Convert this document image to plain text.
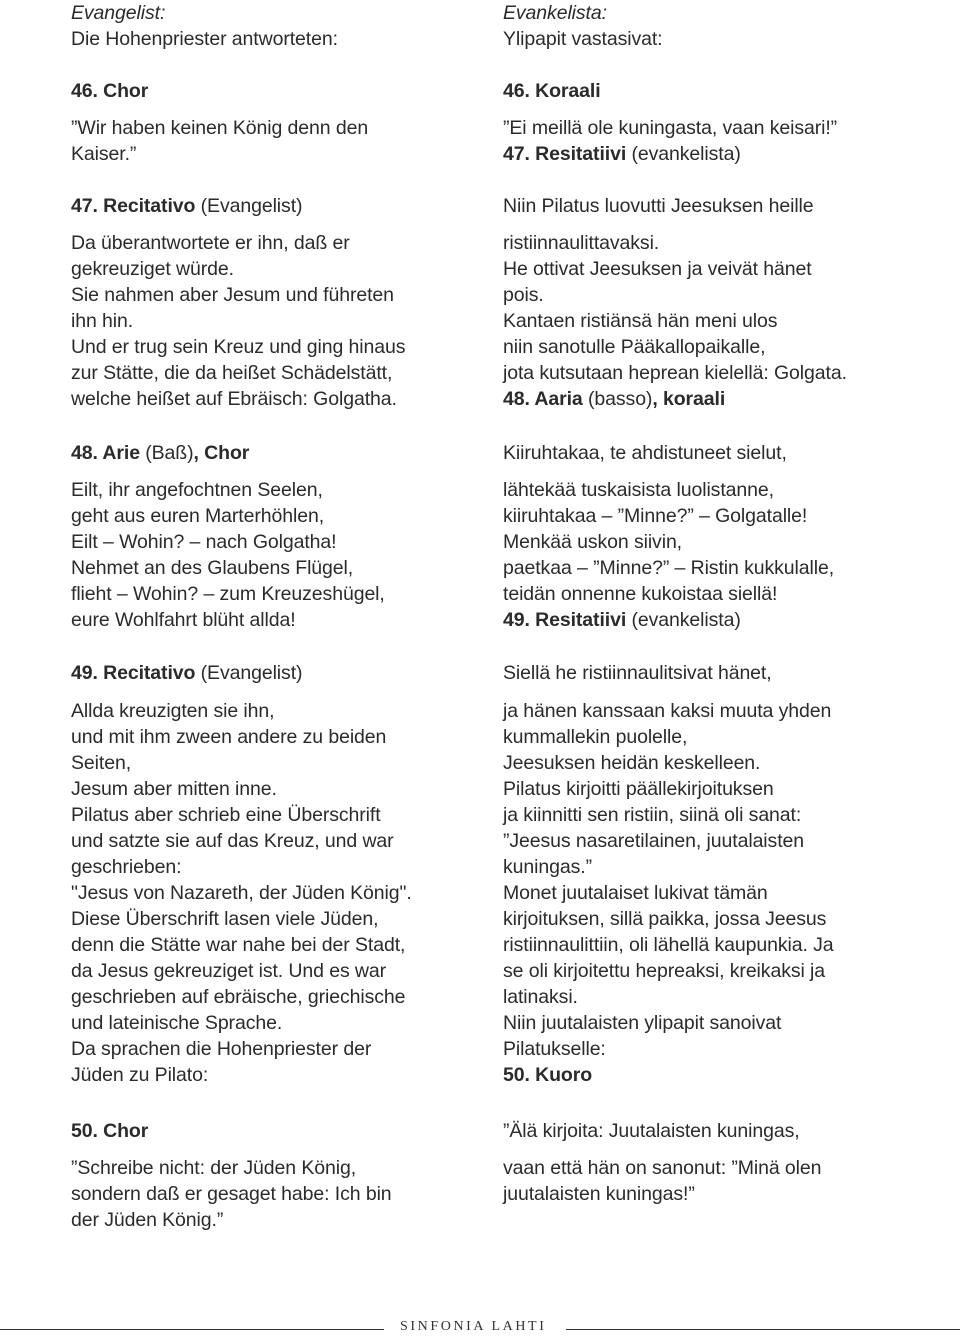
Evangelist:
Die Hohenpriester antworteten:
46. Chor
”Wir haben keinen König denn den
Kaiser.”
47. Recitativo (Evangelist)
Da überantwortete er ihn, daß er
gekreuziget würde.
Sie nahmen aber Jesum und führeten
ihn hin.
Und er trug sein Kreuz und ging hinaus
zur Stätte, die da heißet Schädelstätt,
welche heißet auf Ebräisch: Golgatha.
48. Arie (Baß), Chor
Eilt, ihr angefochtnen Seelen,
geht aus euren Marterhöhlen,
Eilt – Wohin? – nach Golgatha!
Nehmet an des Glaubens Flügel,
flieht – Wohin? – zum Kreuzeshügel,
eure Wohlfahrt blüht allda!
49. Recitativo (Evangelist)
Allda kreuzigten sie ihn,
und mit ihm zween andere zu beiden
Seiten,
Jesum aber mitten inne.
Pilatus aber schrieb eine Überschrift
und satzte sie auf das Kreuz, und war
geschrieben:
"Jesus von Nazareth, der Jüden König".
Diese Überschrift lasen viele Jüden,
denn die Stätte war nahe bei der Stadt,
da Jesus gekreuziget ist. Und es war
geschrieben auf ebräische, griechische
und lateinische Sprache.
Da sprachen die Hohenpriester der
Jüden zu Pilato:
50. Chor
”Schreibe nicht: der Jüden König,
sondern daß er gesaget habe: Ich bin
der Jüden König.”
Evankelista:
Ylipapit vastasivat:
46. Koraali
”Ei meillä ole kuningasta, vaan keisari!”
47. Resitatiivi (evankelista)
Niin Pilatus luovutti Jeesuksen heille
ristiinnaulittavaksi.
He ottivat Jeesuksen ja veivät hänet
pois.
Kantaen ristiänsä hän meni ulos
niin sanotulle Pääkallopaikalle,
jota kutsutaan heprean kielellä: Golgata.
48. Aaria (basso), koraali
Kiiruhtakaa, te ahdistuneet sielut,
lähtekää tuskaisista luolistanne,
kiiruhtakaa – ”Minne?” – Golgatalle!
Menkää uskon siivin,
paetkaa – ”Minne?” – Ristin kukkulalle,
teidän onnenne kukoistaa siellä!
49. Resitatiivi (evankelista)
Siellä he ristiinnaulitsivat hänet,
ja hänen kanssaan kaksi muuta yhden
kummallekin puolelle,
Jeesuksen heidän keskelleen.
Pilatus kirjoitti päällekirjoituksen
ja kiinnitti sen ristiin, siinä oli sanat:
”Jeesus nasaretilainen, juutalaisten
kuningas.”
Monet juutalaiset lukivat tämän
kirjoituksen, sillä paikka, jossa Jeesus
ristiinnaulittiin, oli lähellä kaupunkia. Ja
se oli kirjoitettu hepreaksi, kreikaksi ja
latinaksi.
Niin juutalaisten ylipapit sanoivat
Pilatukselle:
50. Kuoro
”Älä kirjoita: Juutalaisten kuningas,
vaan että hän on sanonut: ”Minä olen
juutalaisten kuningas!”
SINFONIA LAHTI
